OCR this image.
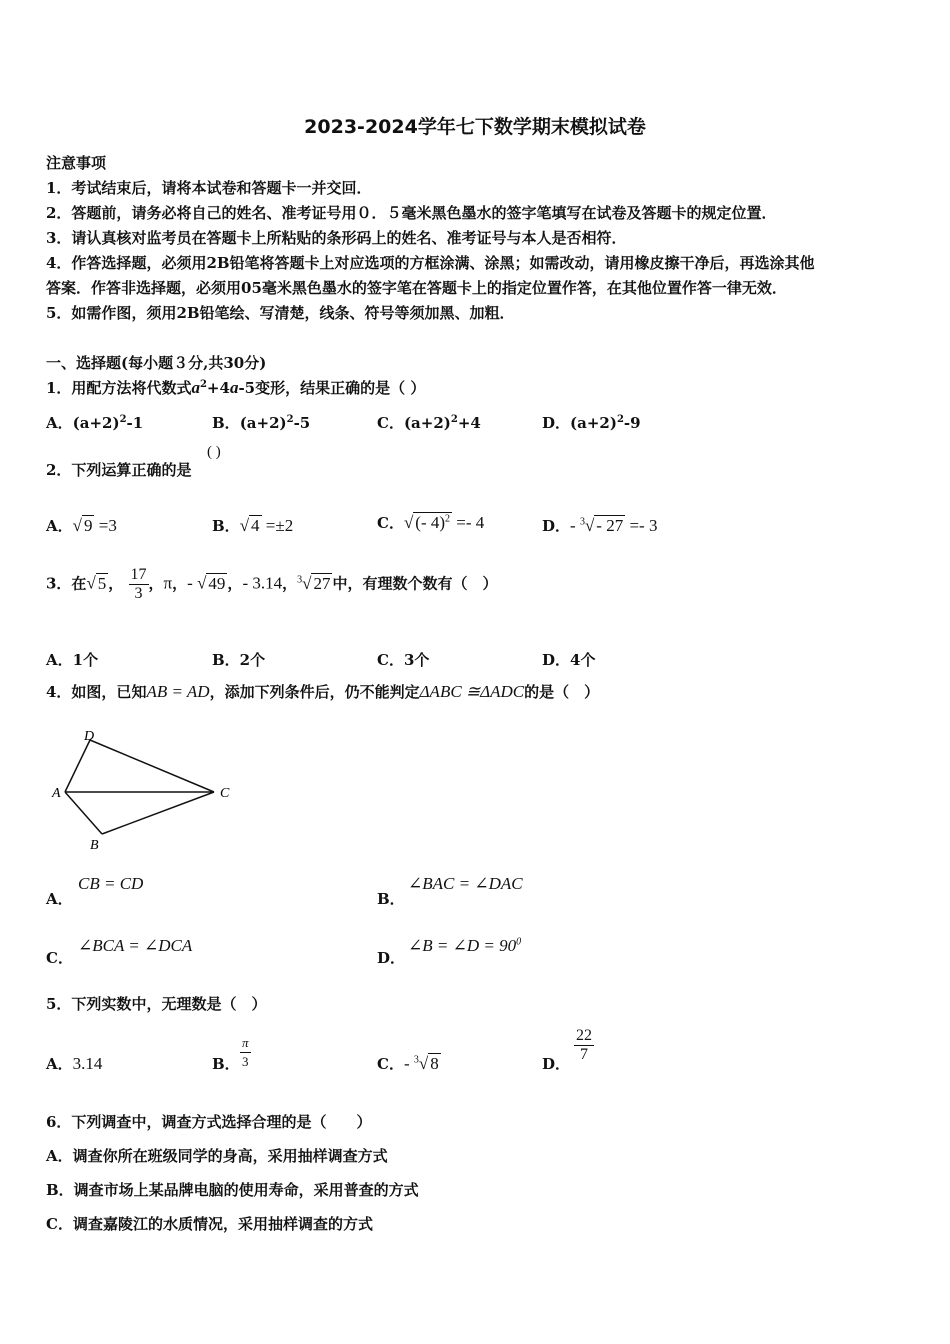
2023-2024学年七下数学期末模拟试卷
注意事项
1．考试结束后，请将本试卷和答题卡一并交回．
2．答题前，请务必将自己的姓名、准考证号用０．５毫米黑色墨水的签字笔填写在试卷及答题卡的规定位置．
3．请认真核对监考员在答题卡上所粘贴的条形码上的姓名、准考证号与本人是否相符．
4．作答选择题，必须用2B铅笔将答题卡上对应选项的方框涂满、涂黑；如需改动，请用橡皮擦干净后，再选涂其他
答案．作答非选择题，必须用05毫米黑色墨水的签字笔在答题卡上的指定位置作答，在其他位置作答一律无效．
5．如需作图，须用2B铅笔绘、写清楚，线条、符号等须加黑、加粗．
一、选择题(每小题３分,共30分)
1．用配方法将代数式$a^2+4a-5$变形，结果正确的是（ ）
A．$(a+2)^2-1$	B．$(a+2)^2-5$	C．$(a+2)^2+4$	D．$(a+2)^2-9$
2．下列运算正确的是
( )
A．√ 9 =3	B．√ 4 =±2	C．√ (- 4)$^2$ =- 4	D．- $^3$√ - 27 =- 3
3．在√ 5 ， $\frac{17}{3}$ ，π，- √ 49 ，- 3.14，$^3$√ 27 中，有理数个数有（　）
A．1个	B．2个	C．3个	D．4个
4．如图，已知AB = AD，添加下列条件后，仍不能判定ΔABC ≅ΔADC的是（　）
D
A	C
B
A．
CB = CD
B．
∠BAC = ∠DAC
C．
∠BCA = ∠DCA
D．
∠B = ∠D = $90^0$
5．下列实数中，无理数是（　）
A．3.14	B． $\frac{\pi}{3}$	C．- $^3$√ 8	D． $\frac{22}{7}$
6．下列调查中，调查方式选择合理的是（　　）
A．调查你所在班级同学的身高，采用抽样调查方式
B．调查市场上某品牌电脑的使用寿命，采用普查的方式
C．调查嘉陵江的水质情况，采用抽样调查的方式
